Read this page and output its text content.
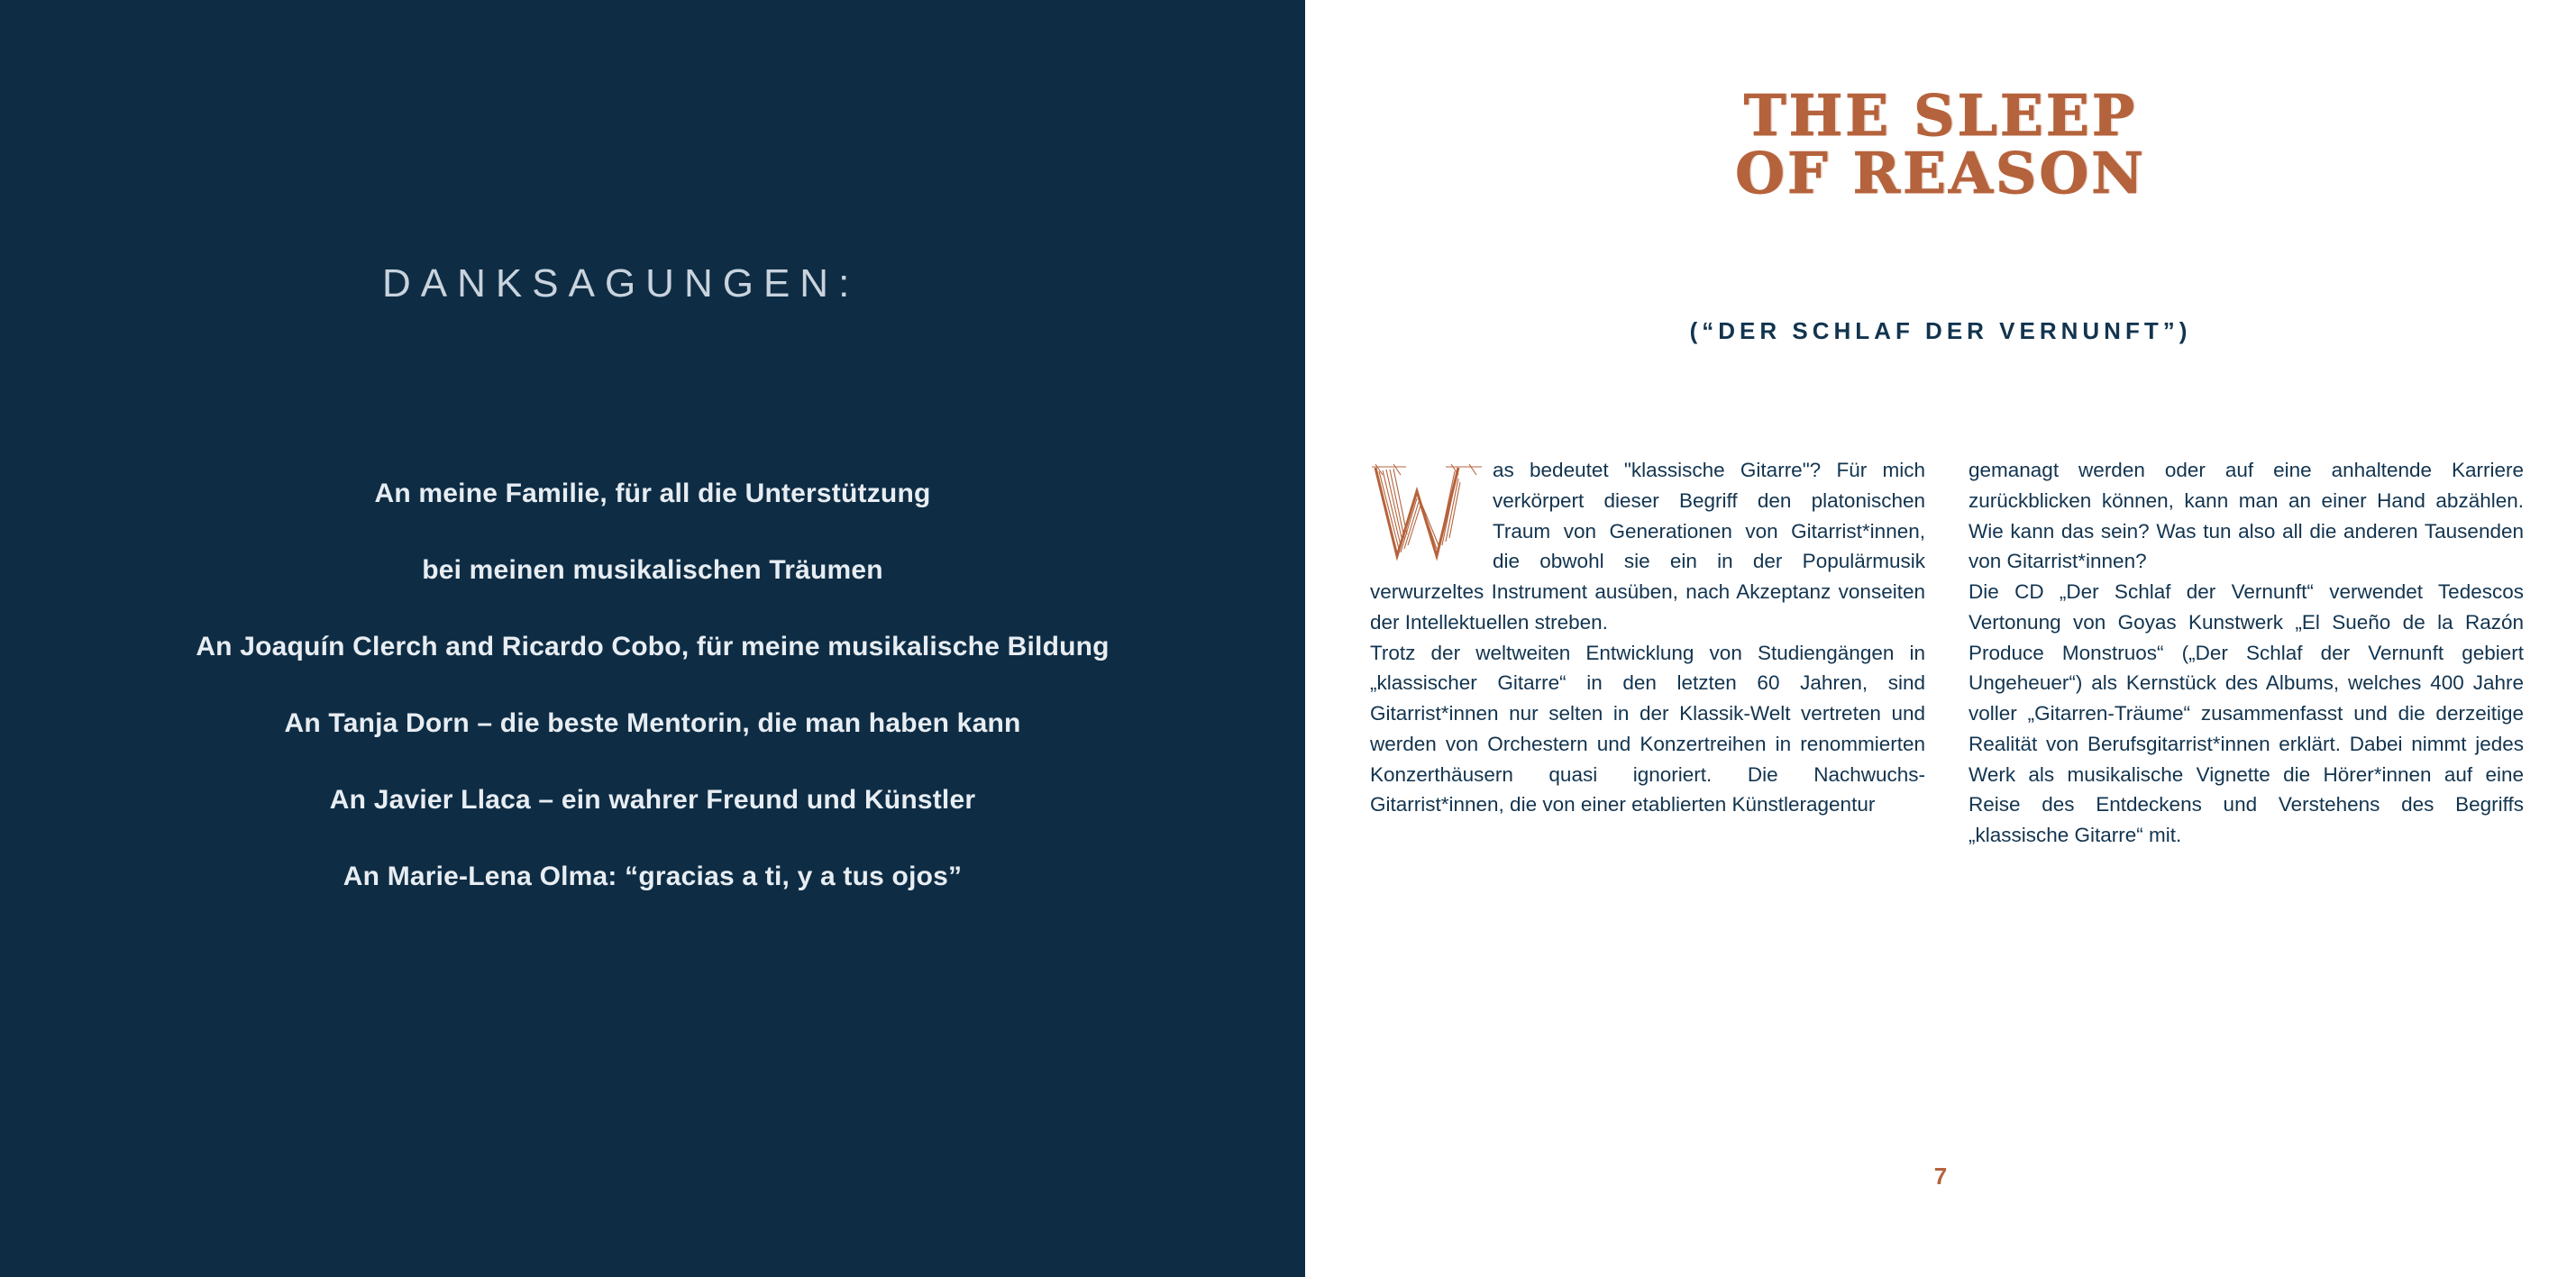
DANKSAGUNGEN:
An meine Familie, für all die Unterstützung
bei meinen musikalischen Träumen
An Joaquín Clerch and Ricardo Cobo, für meine musikalische Bildung
An Tanja Dorn – die beste Mentorin, die man haben kann
An Javier Llaca – ein wahrer Freund und Künstler
An Marie-Lena Olma: “gracias a ti, y a tus ojos”
THE SLEEP
OF REASON
(“DER SCHLAF DER VERNUNFT”)

as bedeutet "klassische Gitarre"? Für mich verkörpert dieser Begriff den platonischen Traum von Generationen von Gitarrist*innen, die obwohl sie ein in der Populärmusik verwurzeltes Instrument ausüben, nach Akzeptanz vonseiten der Intellektuellen streben.

Trotz der weltweiten Entwicklung von Studiengängen in „klassischer Gitarre“ in den letzten 60 Jahren, sind Gitarrist*innen nur selten in der Klassik-Welt vertreten und werden von Orchestern und Konzertreihen in renommierten Konzerthäusern quasi ignoriert. Die Nachwuchs-Gitarrist*innen, die von einer etablierten Künstleragentur

gemanagt werden oder auf eine anhaltende Karriere zurückblicken können, kann man an einer Hand abzählen. Wie kann das sein? Was tun also all die anderen Tausenden von Gitarrist*innen?

Die CD „Der Schlaf der Vernunft“ verwendet Tedescos Vertonung von Goyas Kunstwerk „El Sueño de la Razón Produce Monstruos“ („Der Schlaf der Vernunft gebiert Ungeheuer“) als Kernstück des Albums, welches 400 Jahre voller „Gitarren-Träume“ zusammenfasst und die derzeitige Realität von Berufsgitarrist*innen erklärt. Dabei nimmt jedes Werk als musikalische Vignette die Hörer*innen auf eine Reise des Entdeckens und Verstehens des Begriffs „klassische Gitarre“ mit.

7
